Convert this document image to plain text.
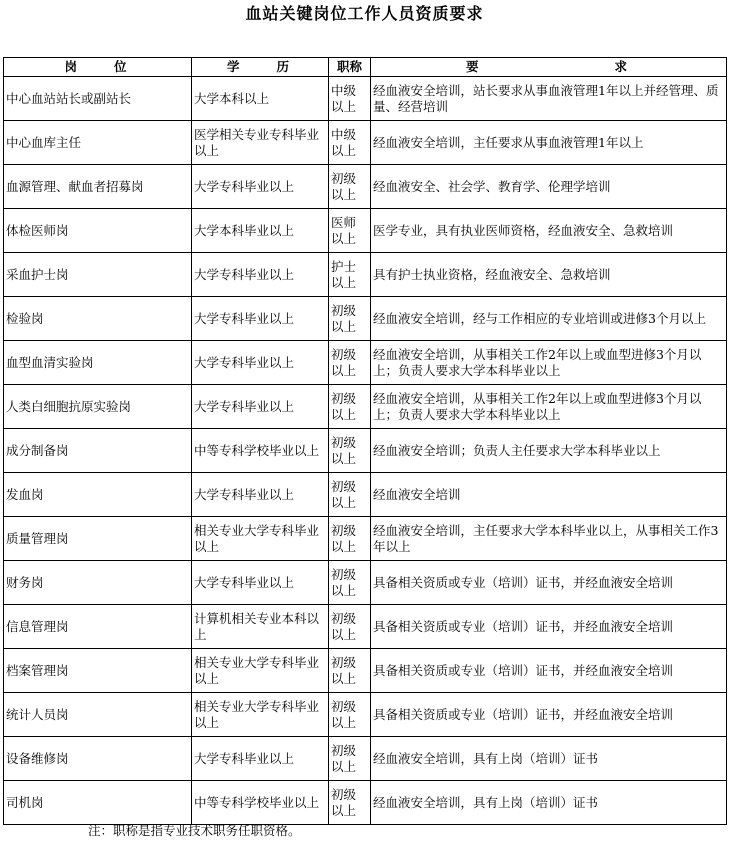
血站关键岗位工作人员资质要求
岗　　位	学　　历	职称	要　　　　　　　　求
中心血站站长或副站长	大学本科以上	中级以上	经血液安全培训，站长要求从事血液管理1年以上并经管理、质量、经营培训
中心血库主任	医学相关专业专科毕业以上	中级以上	经血液安全培训，主任要求从事血液管理1年以上
血源管理、献血者招募岗	大学专科毕业以上	初级以上	经血液安全、社会学、教育学、伦理学培训
体检医师岗	大学本科毕业以上	医师以上	医学专业，具有执业医师资格，经血液安全、急救培训
采血护士岗	大学专科毕业以上	护士以上	具有护士执业资格，经血液安全、急救培训
检验岗	大学专科毕业以上	初级以上	经血液安全培训，经与工作相应的专业培训或进修3个月以上
血型血清实验岗	大学专科毕业以上	初级以上	经血液安全培训，从事相关工作2年以上或血型进修3个月以上；负责人要求大学本科毕业以上
人类白细胞抗原实验岗	大学专科毕业以上	初级以上	经血液安全培训，从事相关工作2年以上或血型进修3个月以上；负责人要求大学本科毕业以上
成分制备岗	中等专科学校毕业以上	初级以上	经血液安全培训；负责人主任要求大学本科毕业以上
发血岗	大学专科毕业以上	初级以上	经血液安全培训
质量管理岗	相关专业大学专科毕业以上	初级以上	经血液安全培训，主任要求大学本科毕业以上，从事相关工作3年以上
财务岗	大学专科毕业以上	初级以上	具备相关资质或专业（培训）证书，并经血液安全培训
信息管理岗	计算机相关专业本科以上	初级以上	具备相关资质或专业（培训）证书，并经血液安全培训
档案管理岗	相关专业大学专科毕业以上	初级以上	具备相关资质或专业（培训）证书，并经血液安全培训
统计人员岗	相关专业大学专科毕业以上	初级以上	具备相关资质或专业（培训）证书，并经血液安全培训
设备维修岗	大学专科毕业以上	初级以上	经血液安全培训，具有上岗（培训）证书
司机岗	中等专科学校毕业以上	初级以上	经血液安全培训，具有上岗（培训）证书
注：职称是指专业技术职务任职资格。
